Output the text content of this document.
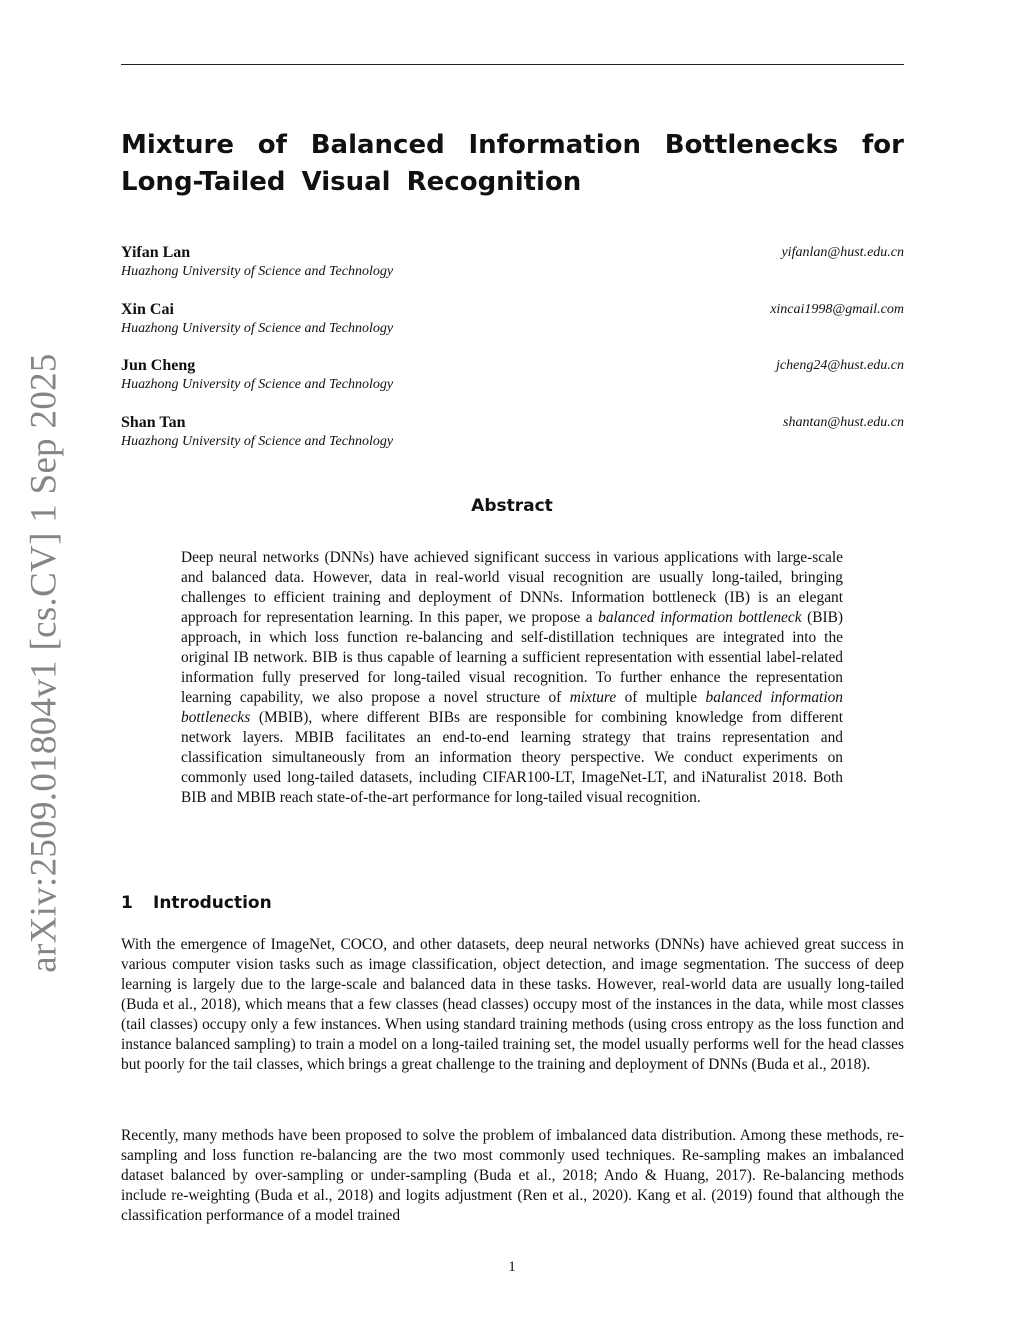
arXiv:2509.01804v1 [cs.CV] 1 Sep 2025
Mixture of Balanced Information Bottlenecks for Long-Tailed Visual Recognition
Yifan Lan	yifanlan@hust.edu.cn
Huazhong University of Science and Technology
Xin Cai	xincai1998@gmail.com
Huazhong University of Science and Technology
Jun Cheng	jcheng24@hust.edu.cn
Huazhong University of Science and Technology
Shan Tan	shantan@hust.edu.cn
Huazhong University of Science and Technology
Abstract

Deep neural networks (DNNs) have achieved significant success in various applications with large-scale and balanced data. However, data in real-world visual recognition are usually long-tailed, bringing challenges to efficient training and deployment of DNNs. Information bottleneck (IB) is an elegant approach for representation learning. In this paper, we propose a balanced information bottleneck (BIB) approach, in which loss function re-balancing and self-distillation techniques are integrated into the original IB network. BIB is thus capable of learning a sufficient representation with essential label-related information fully preserved for long-tailed visual recognition. To further enhance the representation learning capability, we also propose a novel structure of mixture of multiple balanced information bottlenecks (MBIB), where different BIBs are responsible for combining knowledge from different network layers. MBIB facilitates an end-to-end learning strategy that trains representation and classification simultaneously from an information theory perspective. We conduct experiments on commonly used long-tailed datasets, including CIFAR100-LT, ImageNet-LT, and iNaturalist 2018. Both BIB and MBIB reach state-of-the-art performance for long-tailed visual recognition.

1 Introduction

With the emergence of ImageNet, COCO, and other datasets, deep neural networks (DNNs) have achieved great success in various computer vision tasks such as image classification, object detection, and image segmentation. The success of deep learning is largely due to the large-scale and balanced data in these tasks. However, real-world data are usually long-tailed (Buda et al., 2018), which means that a few classes (head classes) occupy most of the instances in the data, while most classes (tail classes) occupy only a few instances. When using standard training methods (using cross entropy as the loss function and instance balanced sampling) to train a model on a long-tailed training set, the model usually performs well for the head classes but poorly for the tail classes, which brings a great challenge to the training and deployment of DNNs (Buda et al., 2018).

Recently, many methods have been proposed to solve the problem of imbalanced data distribution. Among these methods, re-sampling and loss function re-balancing are the two most commonly used techniques. Re-sampling makes an imbalanced dataset balanced by over-sampling or under-sampling (Buda et al., 2018; Ando & Huang, 2017). Re-balancing methods include re-weighting (Buda et al., 2018) and logits adjustment (Ren et al., 2020). Kang et al. (2019) found that although the classification performance of a model trained

1
